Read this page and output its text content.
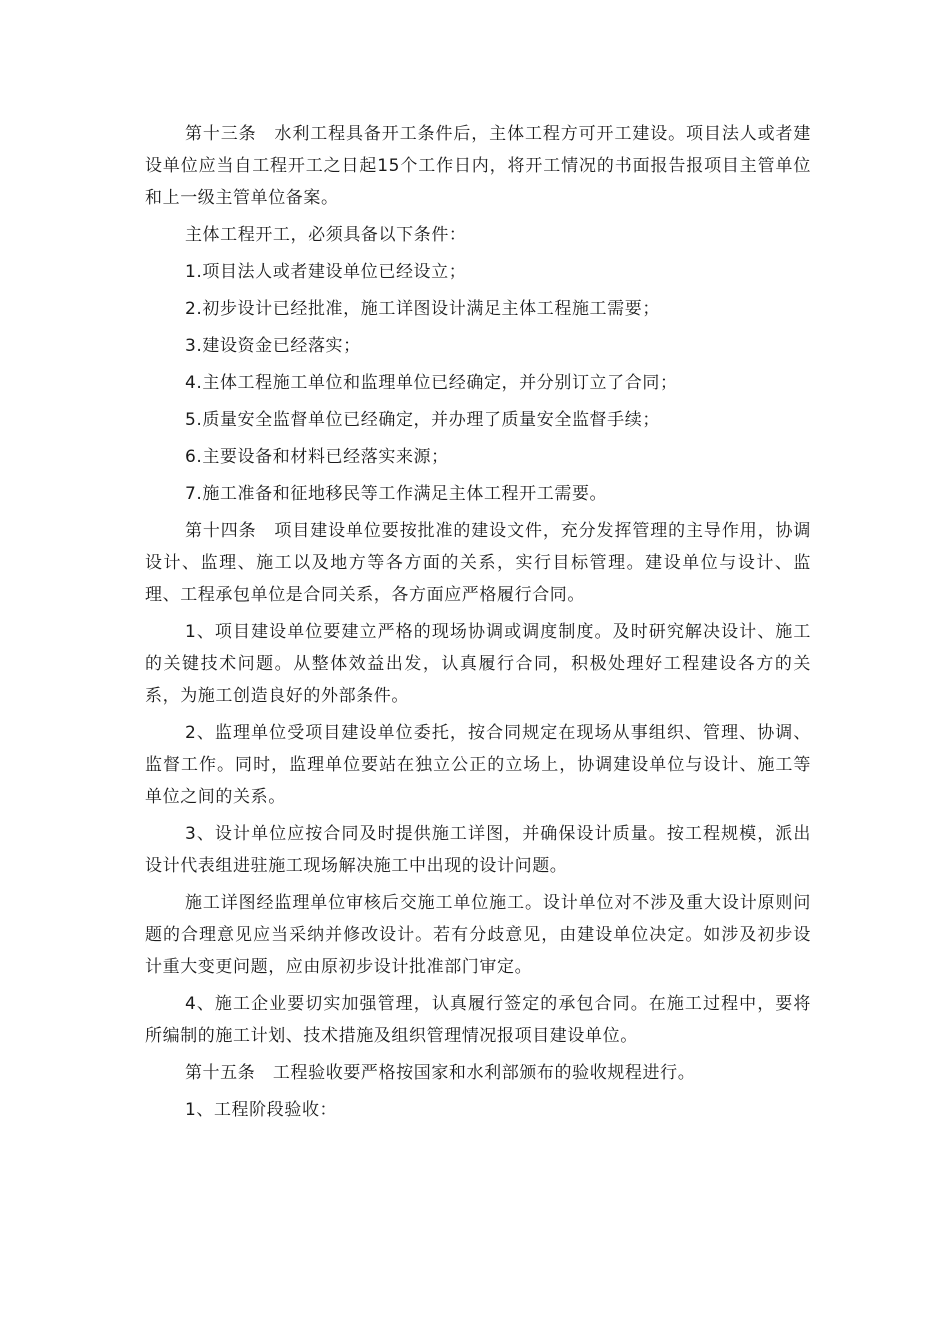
第十三条　水利工程具备开工条件后，主体工程方可开工建设。项目法人或者建设单位应当自工程开工之日起15个工作日内，将开工情况的书面报告报项目主管单位和上一级主管单位备案。

主体工程开工，必须具备以下条件：

1.项目法人或者建设单位已经设立；

2.初步设计已经批准，施工详图设计满足主体工程施工需要；

3.建设资金已经落实；

4.主体工程施工单位和监理单位已经确定，并分别订立了合同；

5.质量安全监督单位已经确定，并办理了质量安全监督手续；

6.主要设备和材料已经落实来源；

7.施工准备和征地移民等工作满足主体工程开工需要。

第十四条　项目建设单位要按批准的建设文件，充分发挥管理的主导作用，协调设计、监理、施工以及地方等各方面的关系，实行目标管理。建设单位与设计、监理、工程承包单位是合同关系，各方面应严格履行合同。

1、项目建设单位要建立严格的现场协调或调度制度。及时研究解决设计、施工的关键技术问题。从整体效益出发，认真履行合同，积极处理好工程建设各方的关系，为施工创造良好的外部条件。

2、监理单位受项目建设单位委托，按合同规定在现场从事组织、管理、协调、监督工作。同时，监理单位要站在独立公正的立场上，协调建设单位与设计、施工等单位之间的关系。

3、设计单位应按合同及时提供施工详图，并确保设计质量。按工程规模，派出设计代表组进驻施工现场解决施工中出现的设计问题。

施工详图经监理单位审核后交施工单位施工。设计单位对不涉及重大设计原则问题的合理意见应当采纳并修改设计。若有分歧意见，由建设单位决定。如涉及初步设计重大变更问题，应由原初步设计批准部门审定。

4、施工企业要切实加强管理，认真履行签定的承包合同。在施工过程中，要将所编制的施工计划、技术措施及组织管理情况报项目建设单位。

第十五条　工程验收要严格按国家和水利部颁布的验收规程进行。

1、工程阶段验收：
